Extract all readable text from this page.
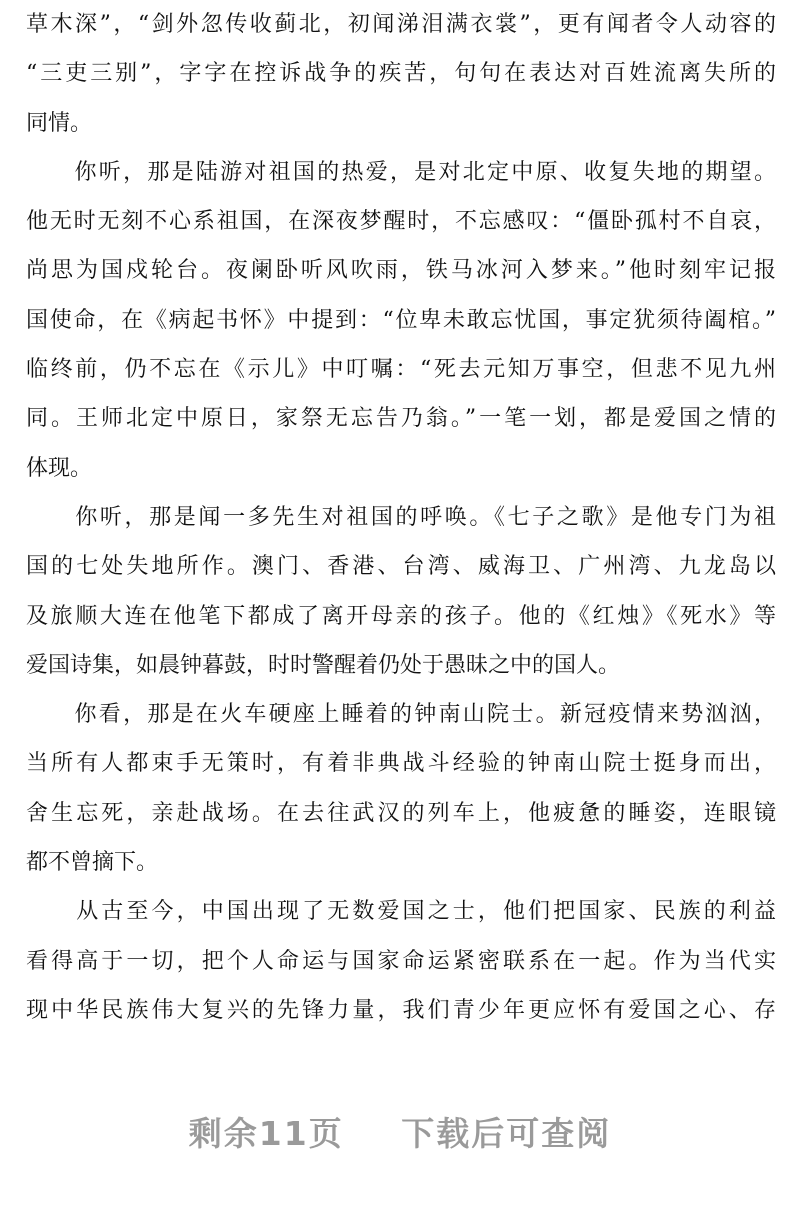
草木深”，“剑外忽传收蓟北，初闻涕泪满衣裳”，更有闻者令人动容的
“三吏三别”，字字在控诉战争的疾苦，句句在表达对百姓流离失所的
同情。
　　你听，那是陆游对祖国的热爱，是对北定中原、收复失地的期望。
他无时无刻不心系祖国，在深夜梦醒时，不忘感叹：“僵卧孤村不自哀，
尚思为国戍轮台。夜阑卧听风吹雨，铁马冰河入梦来。”他时刻牢记报
国使命，在《病起书怀》中提到：“位卑未敢忘忧国，事定犹须待阖棺。”
临终前，仍不忘在《示儿》中叮嘱：“死去元知万事空，但悲不见九州
同。王师北定中原日，家祭无忘告乃翁。”一笔一划，都是爱国之情的
体现。
　　你听，那是闻一多先生对祖国的呼唤。《七子之歌》是他专门为祖
国的七处失地所作。澳门、香港、台湾、威海卫、广州湾、九龙岛以
及旅顺大连在他笔下都成了离开母亲的孩子。他的《红烛》《死水》等
爱国诗集，如晨钟暮鼓，时时警醒着仍处于愚昧之中的国人。
　　你看，那是在火车硬座上睡着的钟南山院士。新冠疫情来势汹汹，
当所有人都束手无策时，有着非典战斗经验的钟南山院士挺身而出，
舍生忘死，亲赴战场。在去往武汉的列车上，他疲惫的睡姿，连眼镜
都不曾摘下。
　　从古至今，中国出现了无数爱国之士，他们把国家、民族的利益
看得高于一切，把个人命运与国家命运紧密联系在一起。作为当代实
现中华民族伟大复兴的先锋力量，我们青少年更应怀有爱国之心、存
剩余11页 下载后可查阅
